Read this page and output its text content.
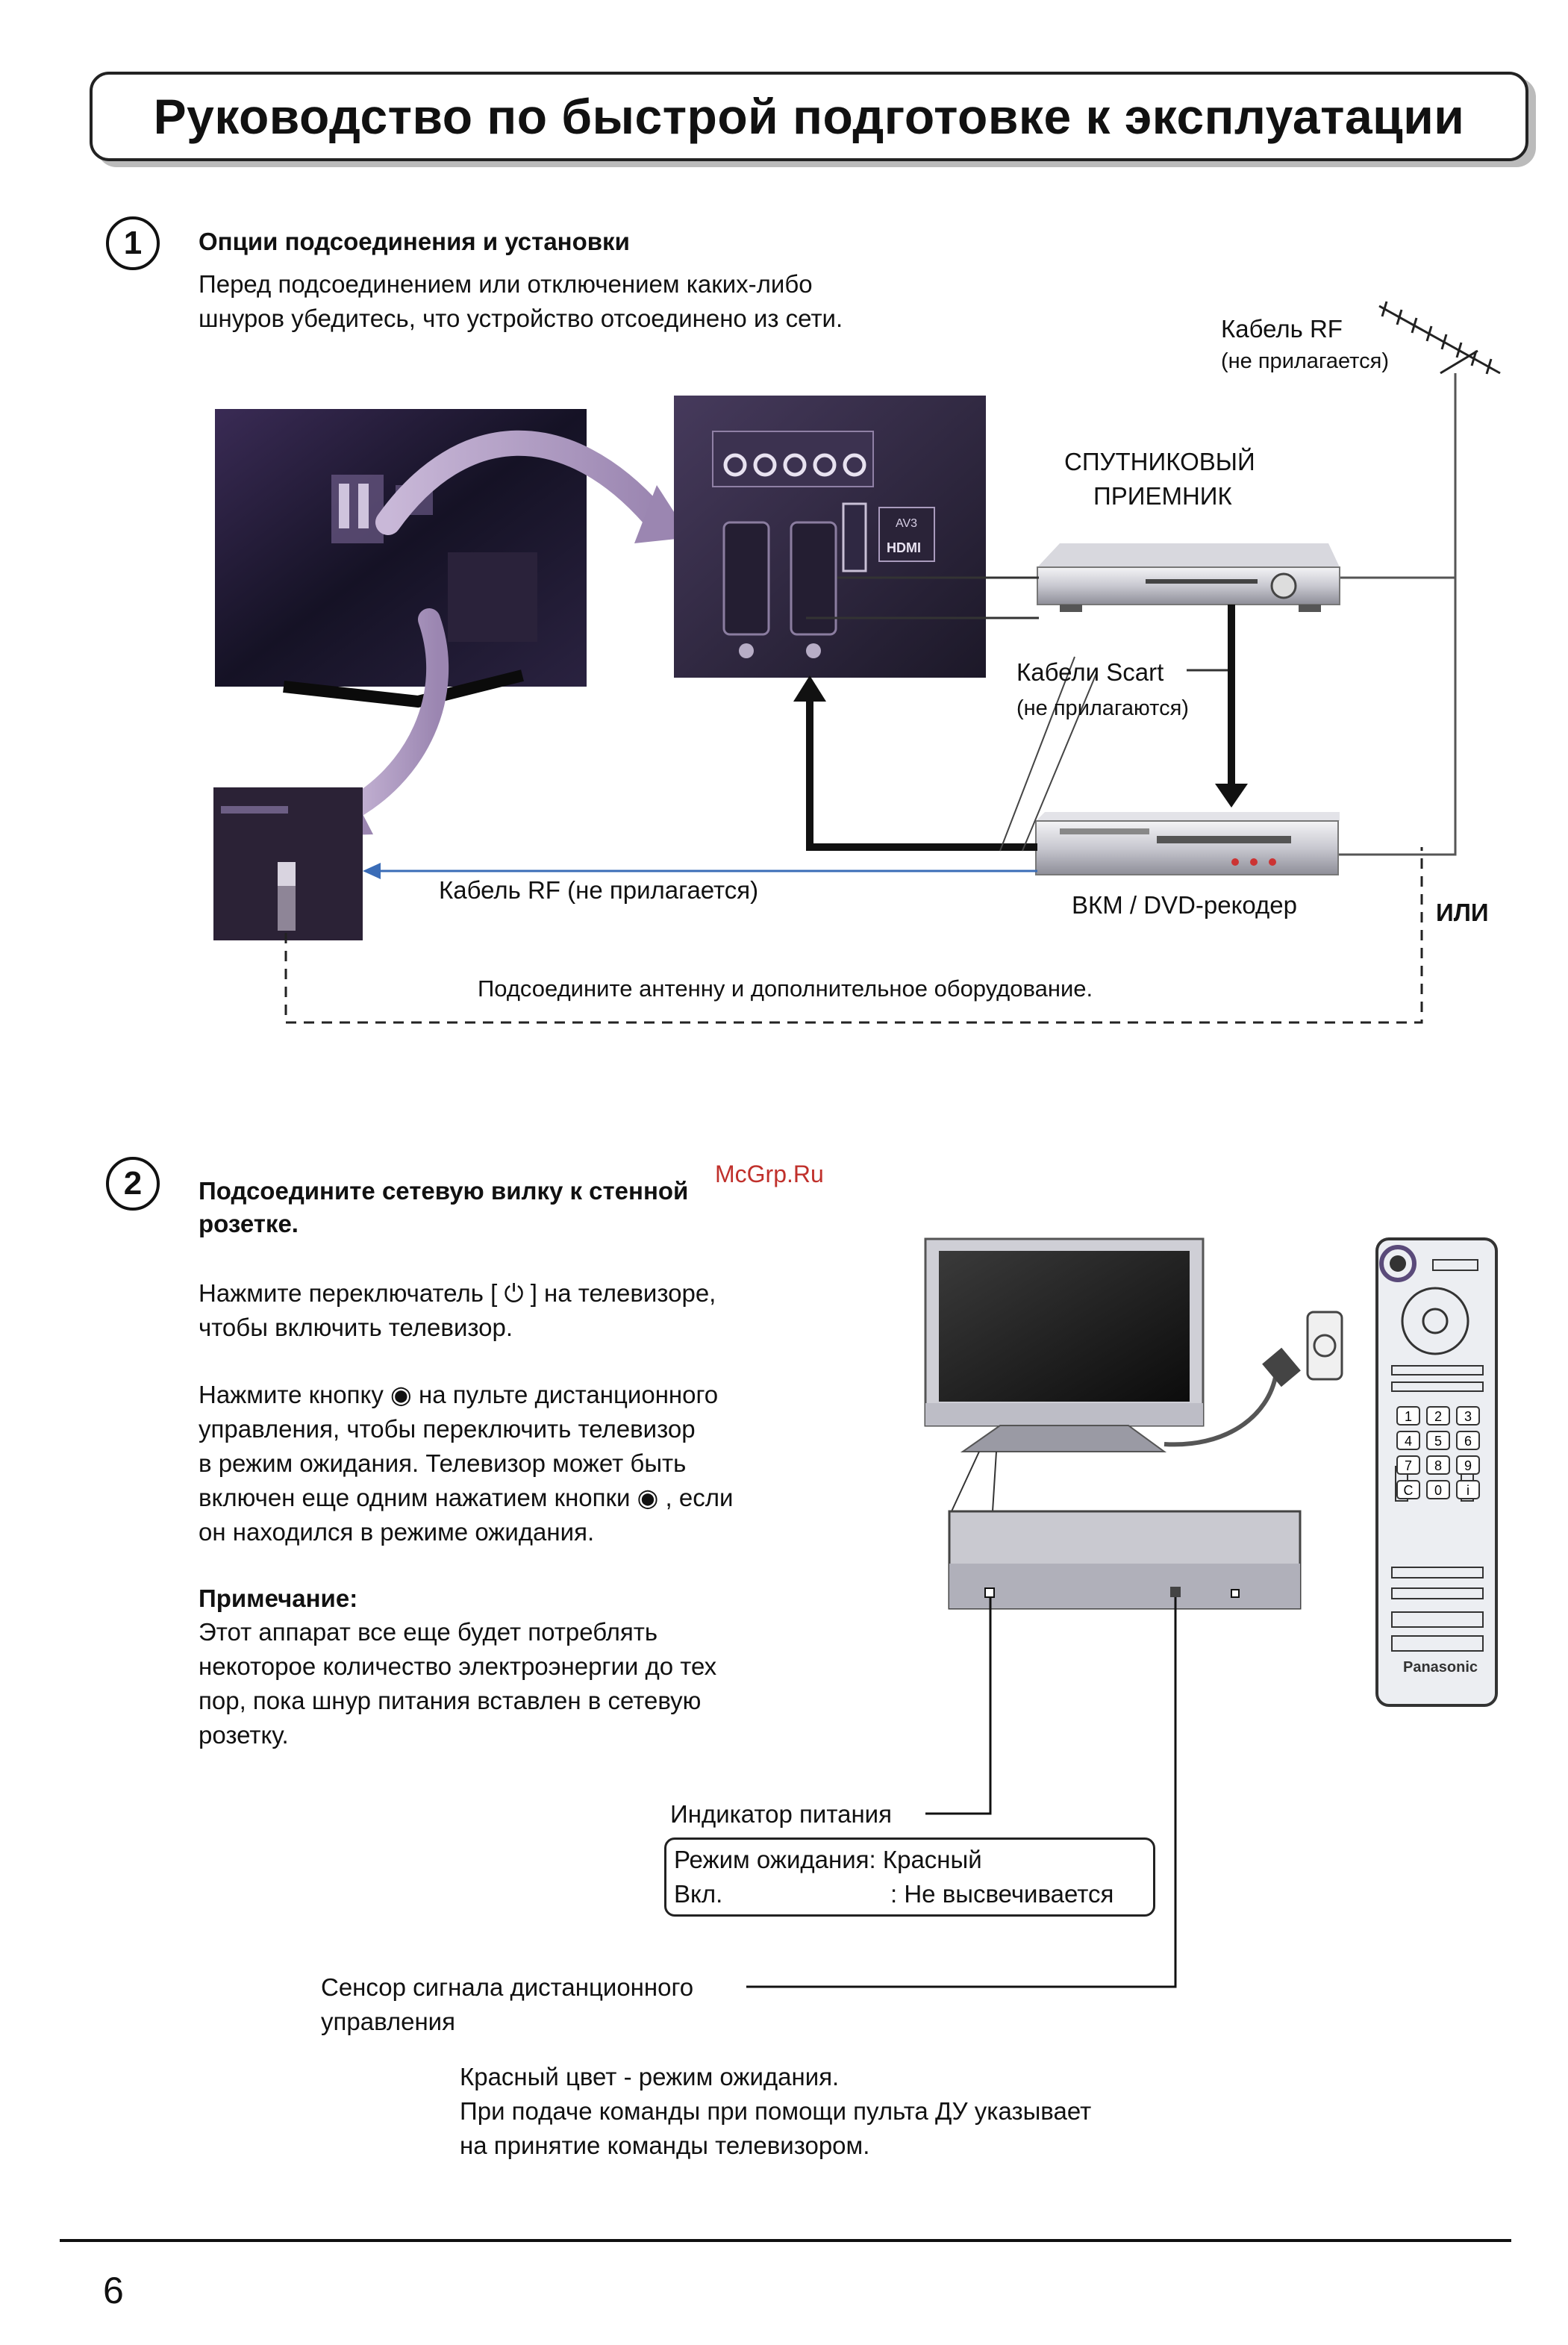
Руководство по быстрой подготовке к эксплуатации
1	Опции подсоединения и установки
Перед подсоединением или отключением каких-либо
шнуров убедитесь, что устройство отсоединено из сети.
AV3
HDMI
Panasonic
1 2 3
4 5 6
7 8 9
C 0 i
Кабель RF
(не прилагается)
СПУТНИКОВЫЙ
ПРИЕМНИК
Кабели Scart
(не прилагаются)
Кабель RF (не прилагается)
ВКМ / DVD-рекодер	ИЛИ
Подсоедините антенну и дополнительное оборудование.
2	Подсоедините сетевую вилку к стенной
розетке.
McGrp.Ru
Нажмите переключатель [ ⏻ ] на телевизоре,
чтобы включить телевизор.
Нажмите кнопку ◉ на пульте дистанционного
управления, чтобы переключить телевизор
в режим ожидания. Телевизор может быть
включен еще одним нажатием кнопки ◉ , если
он находился в режиме ожидания.
Примечание:
Этот аппарат все еще будет потреблять
некоторое количество электроэнергии до тех
пор, пока шнур питания вставлен в сетевую
розетку.
Индикатор питания
Режим ожидания: Красный
Вкл.	: Не высвечивается
Сенсор сигнала дистанционного
управления
Красный цвет - режим ожидания.
При подаче команды при помощи пульта ДУ указывает
на принятие команды телевизором.
6
